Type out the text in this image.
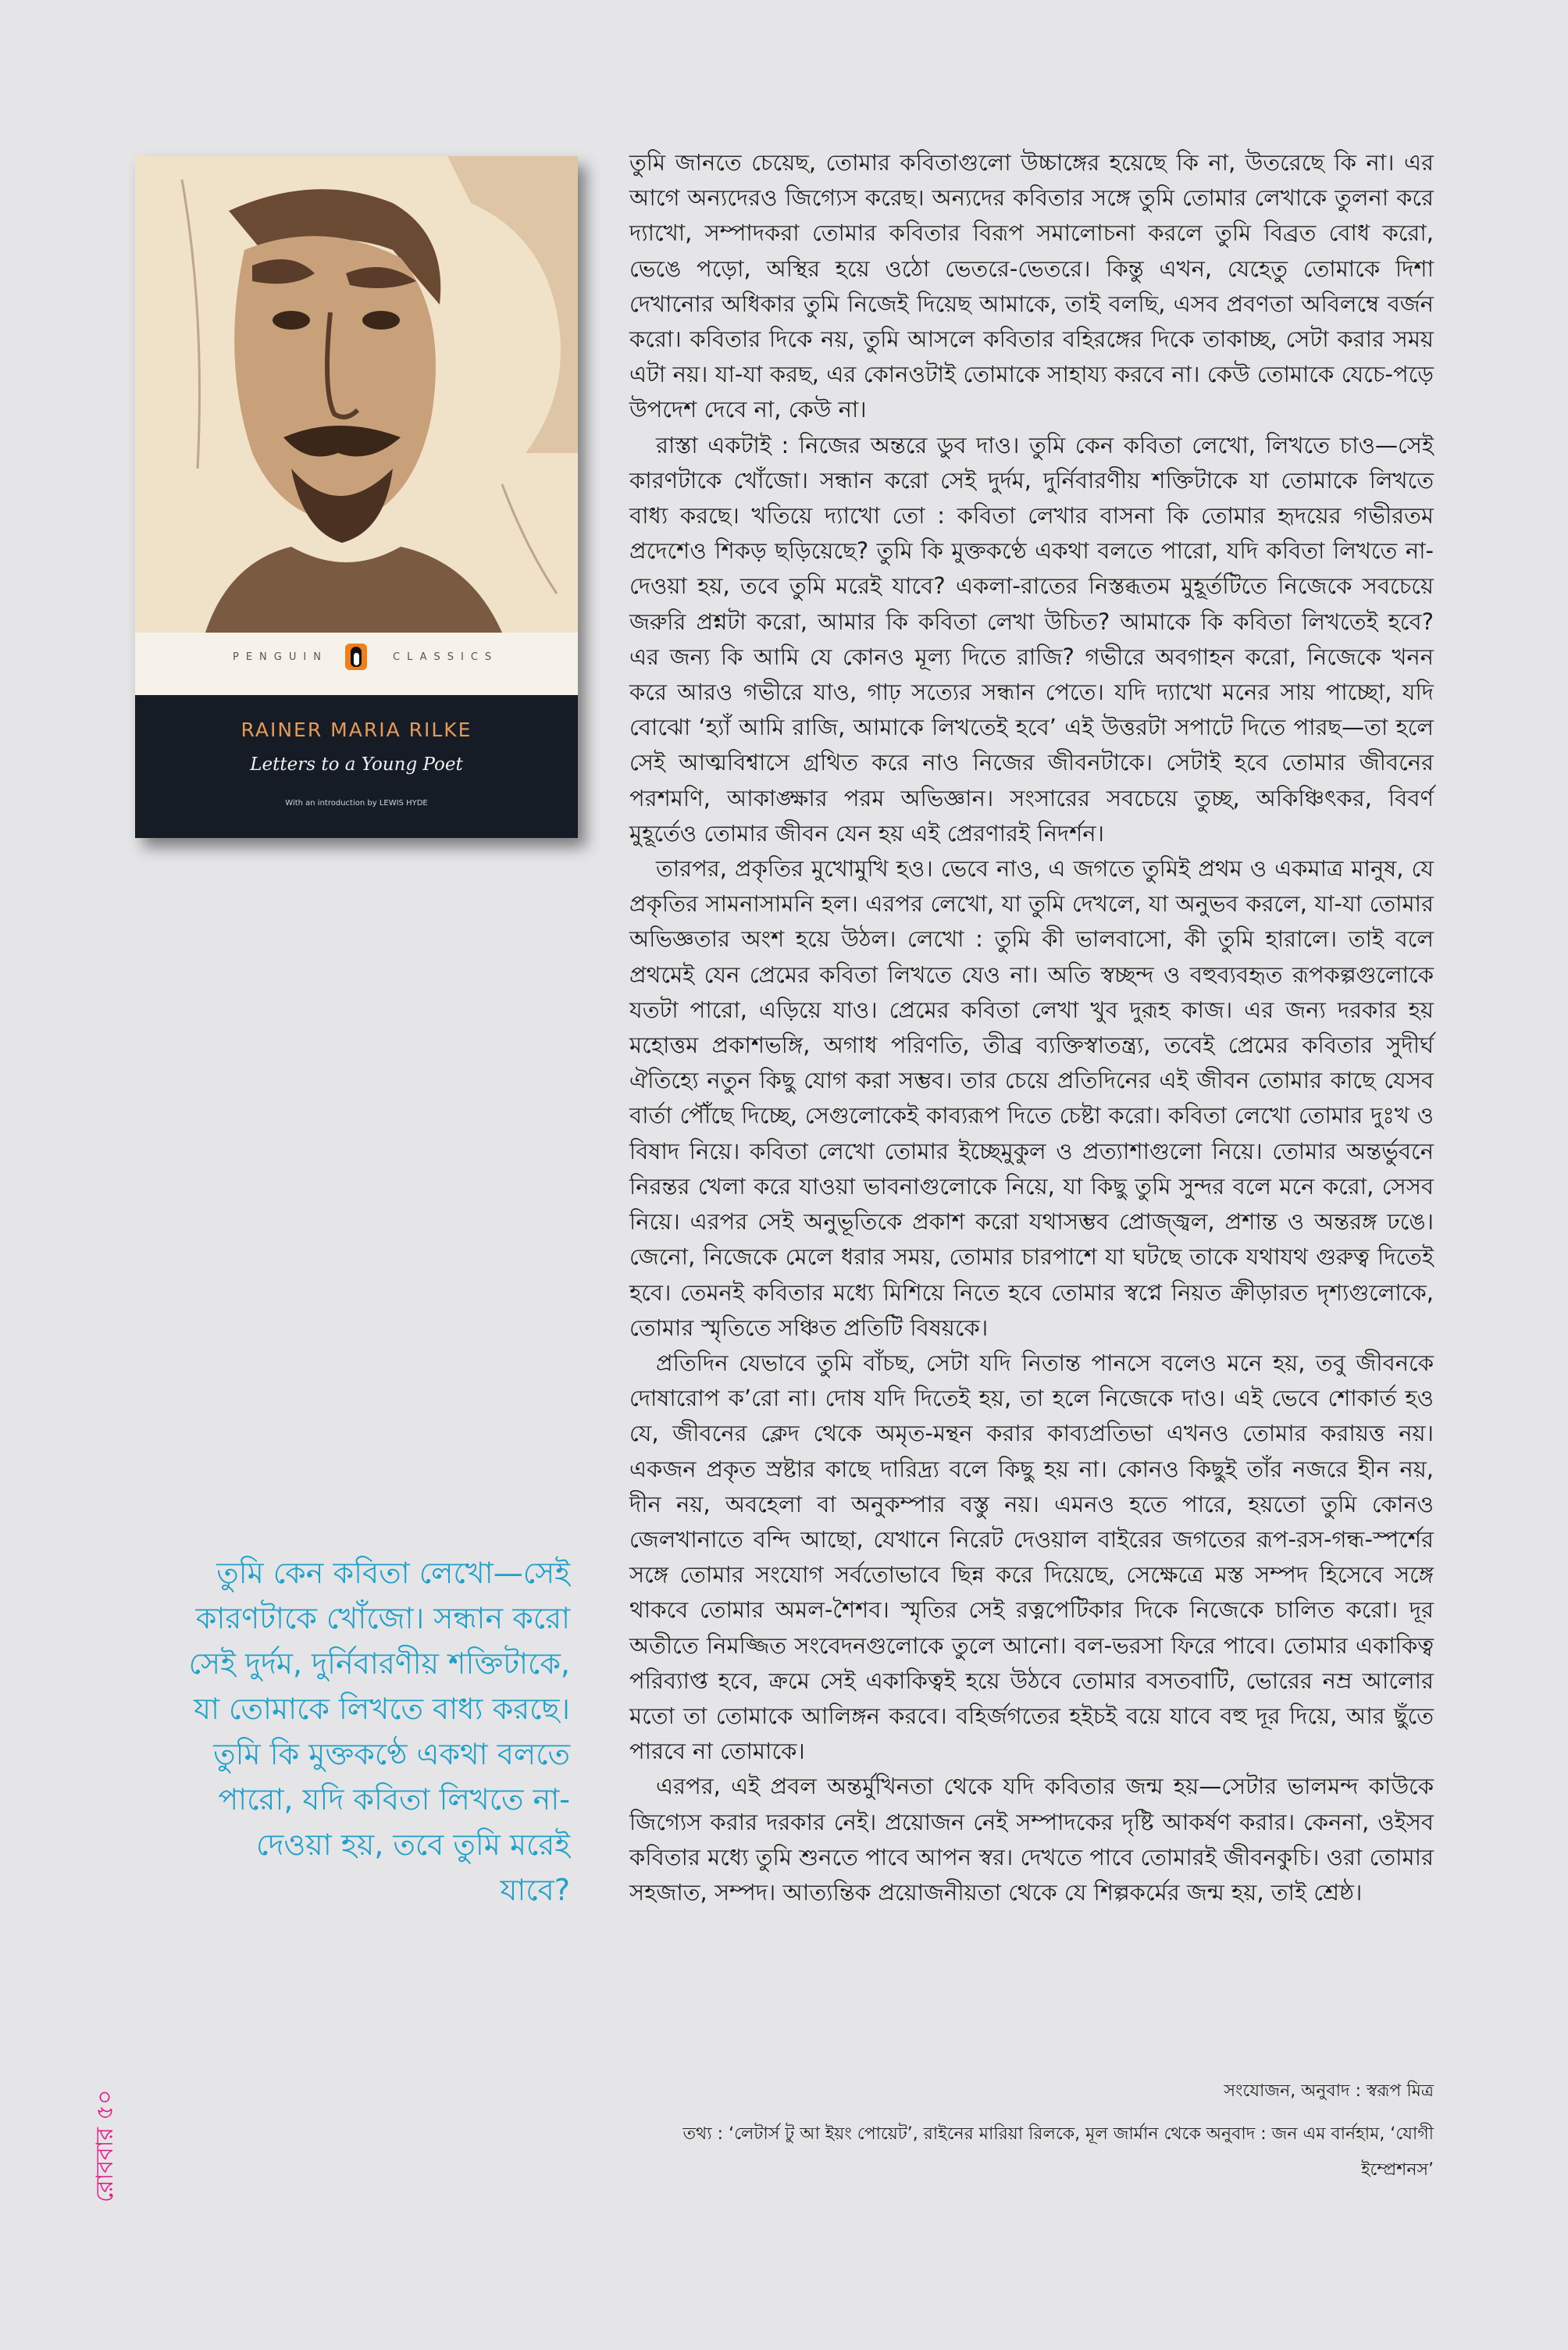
PENGUIN	CLASSICS
RAINER MARIA RILKE
Letters to a Young Poet
With an introduction by LEWIS HYDE
তুমি কেন কবিতা লেখো—সেই কারণটাকে খোঁজো। সন্ধান করো সেই দুর্দম, দুর্নিবারণীয় শক্তিটাকে, যা তোমাকে লিখতে বাধ্য করছে। তুমি কি মুক্তকণ্ঠে একথা বলতে পারো, যদি কবিতা লিখতে না-দেওয়া হয়, তবে তুমি মরেই যাবে?

তুমি জানতে চেয়েছ, তোমার কবিতাগুলো উচ্চাঙ্গের হয়েছে কি না, উতরেছে কি না। এর আগে অন্যদেরও জিগ্যেস করেছ। অন্যদের কবিতার সঙ্গে তুমি তোমার লেখাকে তুলনা করে দ্যাখো, সম্পাদকরা তোমার কবিতার বিরূপ সমালোচনা করলে তুমি বিব্রত বোধ করো, ভেঙে পড়ো, অস্থির হয়ে ওঠো ভেতরে-ভেতরে। কিন্তু এখন, যেহেতু তোমাকে দিশা দেখানোর অধিকার তুমি নিজেই দিয়েছ আমাকে, তাই বলছি, এসব প্রবণতা অবিলম্বে বর্জন করো। কবিতার দিকে নয়, তুমি আসলে কবিতার বহিরঙ্গের দিকে তাকাচ্ছ, সেটা করার সময় এটা নয়। যা-যা করছ, এর কোনওটাই তোমাকে সাহায্য করবে না। কেউ তোমাকে যেচে-পড়ে উপদেশ দেবে না, কেউ না।

রাস্তা একটাই : নিজের অন্তরে ডুব দাও। তুমি কেন কবিতা লেখো, লিখতে চাও—সেই কারণটাকে খোঁজো। সন্ধান করো সেই দুর্দম, দুর্নিবারণীয় শক্তিটাকে যা তোমাকে লিখতে বাধ্য করছে। খতিয়ে দ্যাখো তো : কবিতা লেখার বাসনা কি তোমার হৃদয়ের গভীরতম প্রদেশেও শিকড় ছড়িয়েছে? তুমি কি মুক্তকণ্ঠে একথা বলতে পারো, যদি কবিতা লিখতে না-দেওয়া হয়, তবে তুমি মরেই যাবে? একলা-রাতের নিস্তব্ধতম মুহূর্তটিতে নিজেকে সবচেয়ে জরুরি প্রশ্নটা করো, আমার কি কবিতা লেখা উচিত? আমাকে কি কবিতা লিখতেই হবে? এর জন্য কি আমি যে কোনও মূল্য দিতে রাজি? গভীরে অবগাহন করো, নিজেকে খনন করে আরও গভীরে যাও, গাঢ় সত্যের সন্ধান পেতে। যদি দ্যাখো মনের সায় পাচ্ছো, যদি বোঝো ‘হ্যাঁ আমি রাজি, আমাকে লিখতেই হবে’ এই উত্তরটা সপাটে দিতে পারছ—তা হলে সেই আত্মবিশ্বাসে গ্রথিত করে নাও নিজের জীবনটাকে। সেটাই হবে তোমার জীবনের পরশমণি, আকাঙ্ক্ষার পরম অভিজ্ঞান। সংসারের সবচেয়ে তুচ্ছ, অকিঞ্চিৎকর, বিবর্ণ মুহূর্তেও তোমার জীবন যেন হয় এই প্রেরণারই নিদর্শন।

তারপর, প্রকৃতির মুখোমুখি হও। ভেবে নাও, এ জগতে তুমিই প্রথম ও একমাত্র মানুষ, যে প্রকৃতির সামনাসামনি হল। এরপর লেখো, যা তুমি দেখলে, যা অনুভব করলে, যা-যা তোমার অভিজ্ঞতার অংশ হয়ে উঠল। লেখো : তুমি কী ভালবাসো, কী তুমি হারালে। তাই বলে প্রথমেই যেন প্রেমের কবিতা লিখতে যেও না। অতি স্বচ্ছন্দ ও বহুব্যবহৃত রূপকল্পগুলোকে যতটা পারো, এড়িয়ে যাও। প্রেমের কবিতা লেখা খুব দুরূহ কাজ। এর জন্য দরকার হয় মহোত্তম প্রকাশভঙ্গি, অগাধ পরিণতি, তীব্র ব্যক্তিস্বাতন্ত্র্য, তবেই প্রেমের কবিতার সুদীর্ঘ ঐতিহ্যে নতুন কিছু যোগ করা সম্ভব। তার চেয়ে প্রতিদিনের এই জীবন তোমার কাছে যেসব বার্তা পৌঁছে দিচ্ছে, সেগুলোকেই কাব্যরূপ দিতে চেষ্টা করো। কবিতা লেখো তোমার দুঃখ ও বিষাদ নিয়ে। কবিতা লেখো তোমার ইচ্ছেমুকুল ও প্রত্যাশাগুলো নিয়ে। তোমার অন্তর্ভুবনে নিরন্তর খেলা করে যাওয়া ভাবনাগুলোকে নিয়ে, যা কিছু তুমি সুন্দর বলে মনে করো, সেসব নিয়ে। এরপর সেই অনুভূতিকে প্রকাশ করো যথাসম্ভব প্রোজ্জ্বল, প্রশান্ত ও অন্তরঙ্গ ঢঙে। জেনো, নিজেকে মেলে ধরার সময়, তোমার চারপাশে যা ঘটছে তাকে যথাযথ গুরুত্ব দিতেই হবে। তেমনই কবিতার মধ্যে মিশিয়ে নিতে হবে তোমার স্বপ্নে নিয়ত ক্রীড়ারত দৃশ্যগুলোকে, তোমার স্মৃতিতে সঞ্চিত প্রতিটি বিষয়কে।

প্রতিদিন যেভাবে তুমি বাঁচছ, সেটা যদি নিতান্ত পানসে বলেও মনে হয়, তবু জীবনকে দোষারোপ ক’রো না। দোষ যদি দিতেই হয়, তা হলে নিজেকে দাও। এই ভেবে শোকার্ত হও যে, জীবনের ক্লেদ থেকে অমৃত-মন্থন করার কাব্যপ্রতিভা এখনও তোমার করায়ত্ত নয়। একজন প্রকৃত স্রষ্টার কাছে দারিদ্র্য বলে কিছু হয় না। কোনও কিছুই তাঁর নজরে হীন নয়, দীন নয়, অবহেলা বা অনুকম্পার বস্তু নয়। এমনও হতে পারে, হয়তো তুমি কোনও জেলখানাতে বন্দি আছো, যেখানে নিরেট দেওয়াল বাইরের জগতের রূপ-রস-গন্ধ-স্পর্শের সঙ্গে তোমার সংযোগ সর্বতোভাবে ছিন্ন করে দিয়েছে, সেক্ষেত্রে মস্ত সম্পদ হিসেবে সঙ্গে থাকবে তোমার অমল-শৈশব। স্মৃতির সেই রত্নপেটিকার দিকে নিজেকে চালিত করো। দূর অতীতে নিমজ্জিত সংবেদনগুলোকে তুলে আনো। বল-ভরসা ফিরে পাবে। তোমার একাকিত্ব পরিব্যাপ্ত হবে, ক্রমে সেই একাকিত্বই হয়ে উঠবে তোমার বসতবাটি, ভোরের নম্র আলোর মতো তা তোমাকে আলিঙ্গন করবে। বহির্জগতের হইচই বয়ে যাবে বহু দূর দিয়ে, আর ছুঁতে পারবে না তোমাকে।

এরপর, এই প্রবল অন্তর্মুখিনতা থেকে যদি কবিতার জন্ম হয়—সেটার ভালমন্দ কাউকে জিগ্যেস করার দরকার নেই। প্রয়োজন নেই সম্পাদকের দৃষ্টি আকর্ষণ করার। কেননা, ওইসব কবিতার মধ্যে তুমি শুনতে পাবে আপন স্বর। দেখতে পাবে তোমারই জীবনকুচি। ওরা তোমার সহজাত, সম্পদ। আত্যন্তিক প্রয়োজনীয়তা থেকে যে শিল্পকর্মের জন্ম হয়, তাই শ্রেষ্ঠ।

সংযোজন, অনুবাদ : স্বরূপ মিত্র
তথ্য : ‘লেটার্স টু আ ইয়ং পোয়েট’, রাইনের মারিয়া রিলকে, মূল জার্মান থেকে অনুবাদ : জন এম বার্নহাম, ‘যোগী ইম্প্রেশনস’
রোববার ৫০
